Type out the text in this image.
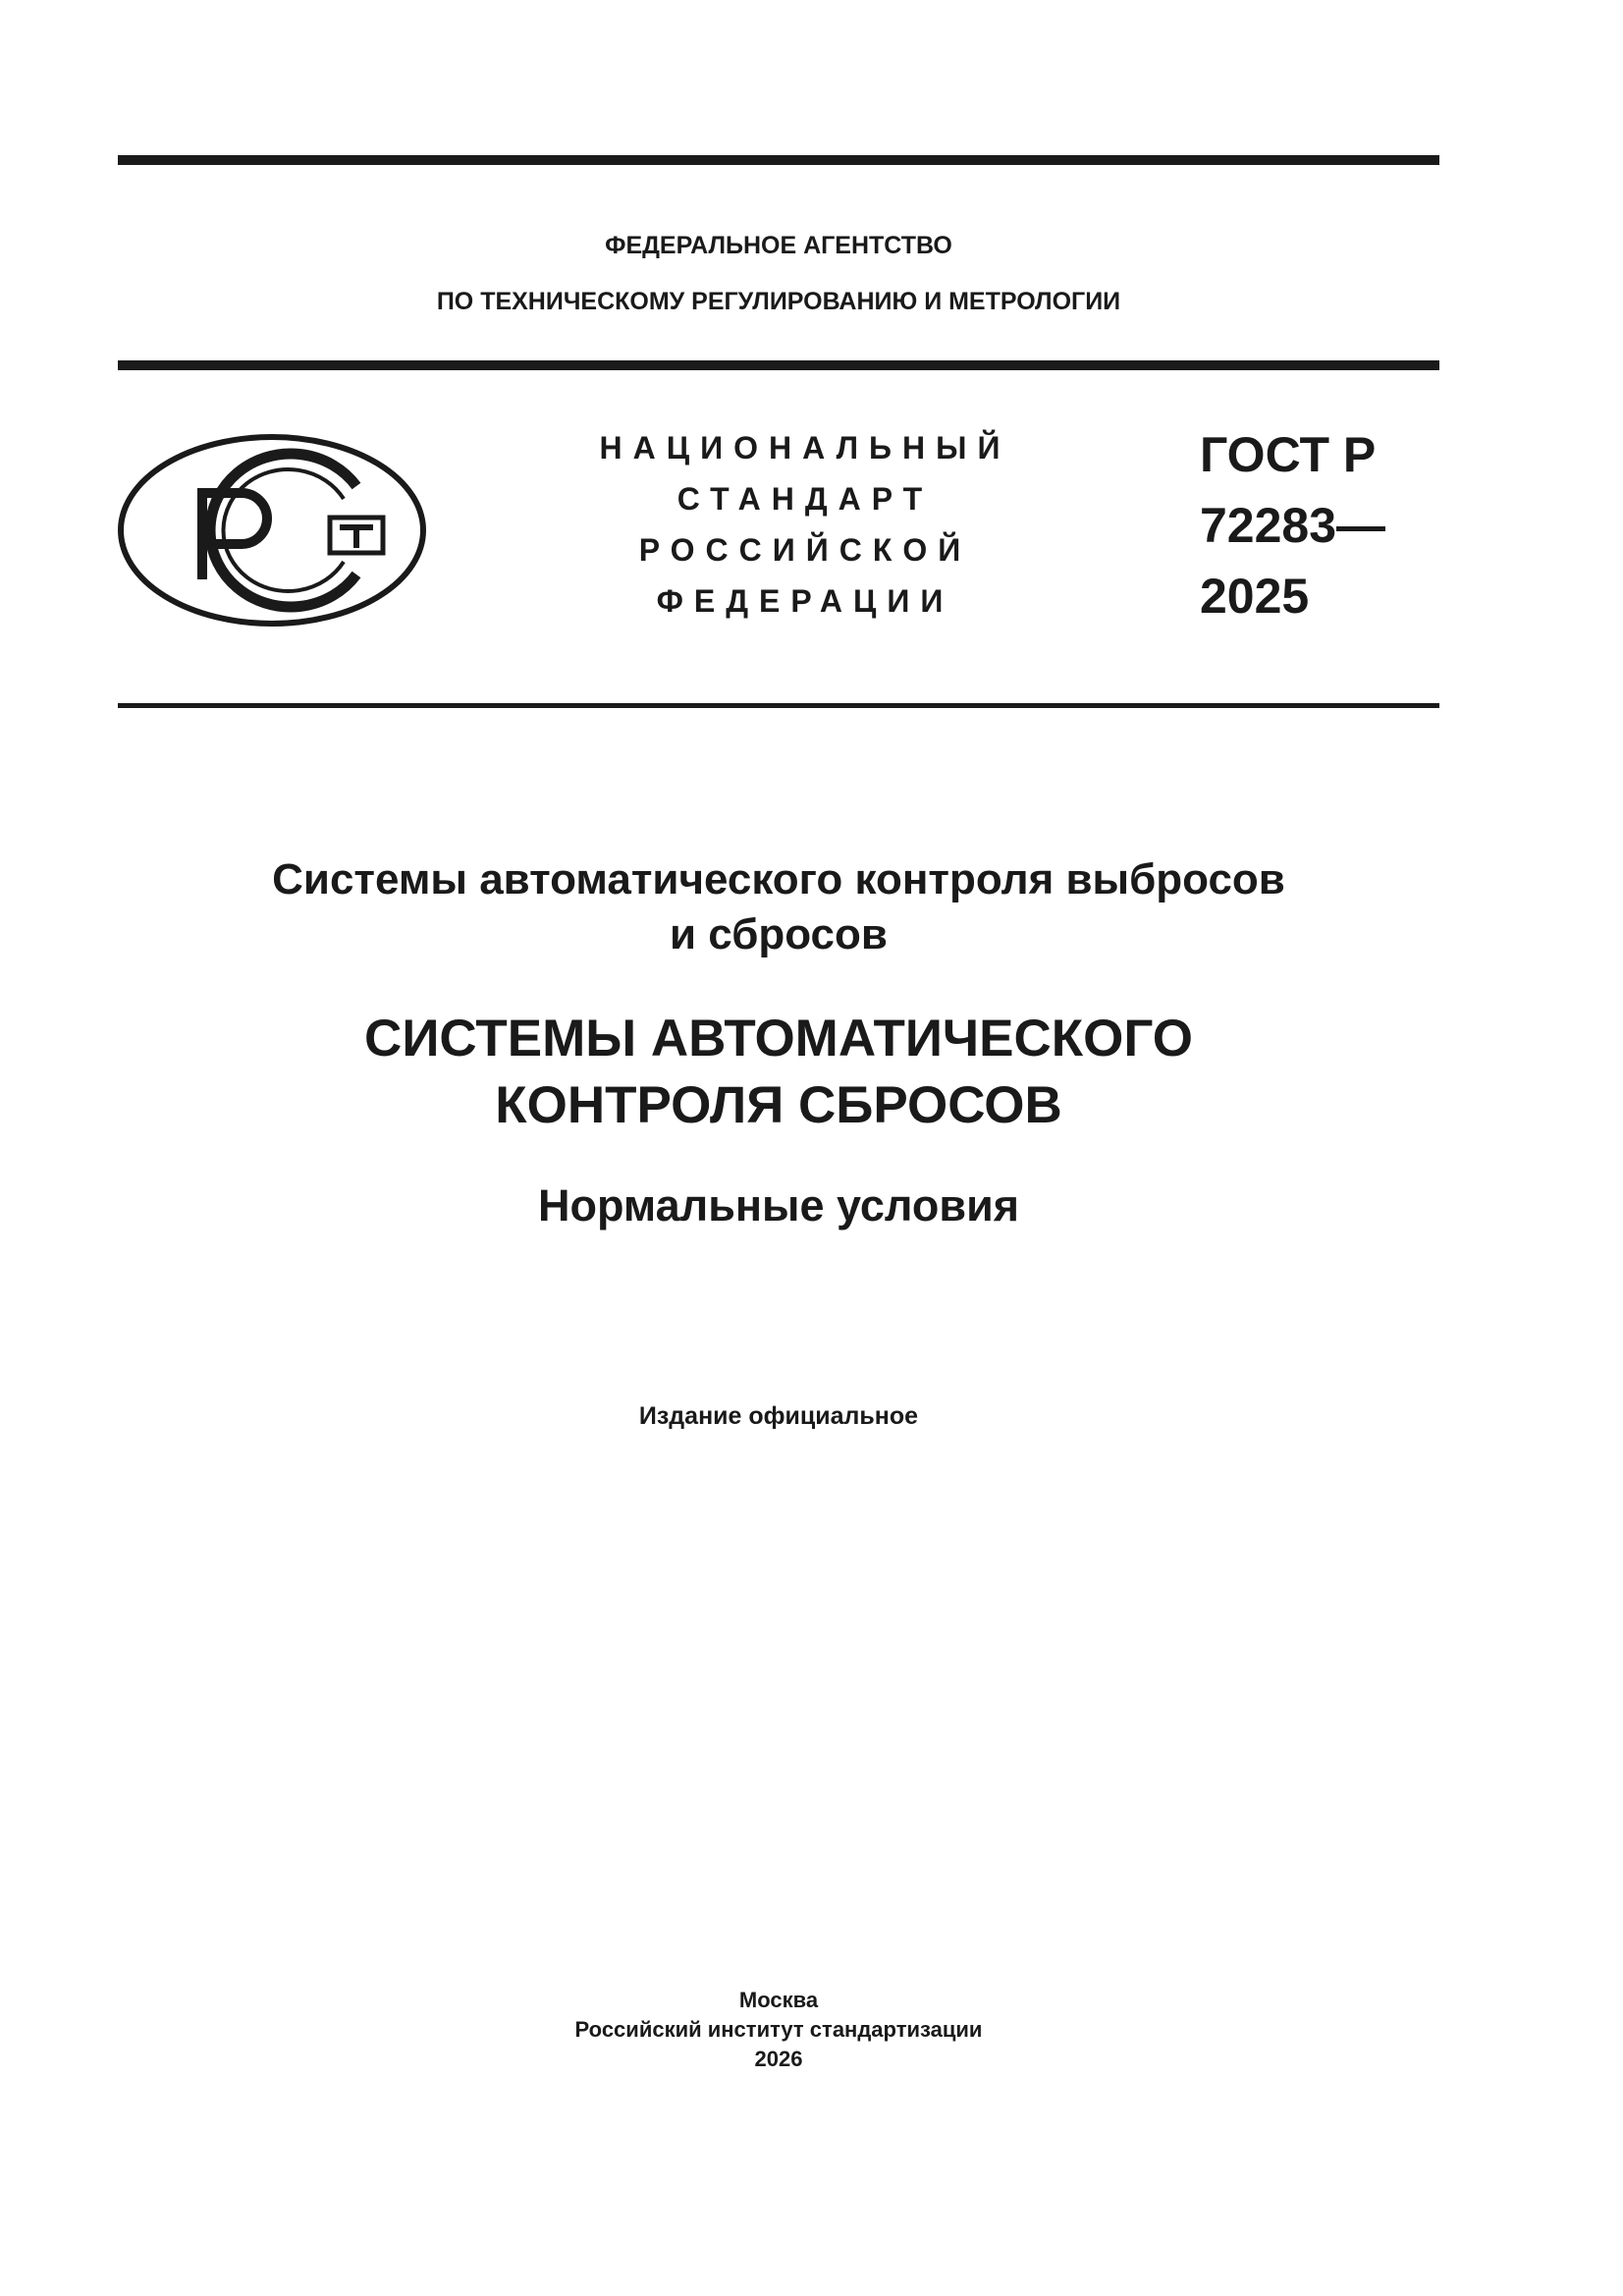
ФЕДЕРАЛЬНОЕ АГЕНТСТВО
ПО ТЕХНИЧЕСКОМУ РЕГУЛИРОВАНИЮ И МЕТРОЛОГИИ
НАЦИОНАЛЬНЫЙ
СТАНДАРТ
РОССИЙСКОЙ
ФЕДЕРАЦИИ
ГОСТ Р
72283—
2025
Системы автоматического контроля выбросов
и сбросов
СИСТЕМЫ АВТОМАТИЧЕСКОГО
КОНТРОЛЯ СБРОСОВ
Нормальные условия
Издание официальное
Москва
Российский институт стандартизации
2026
